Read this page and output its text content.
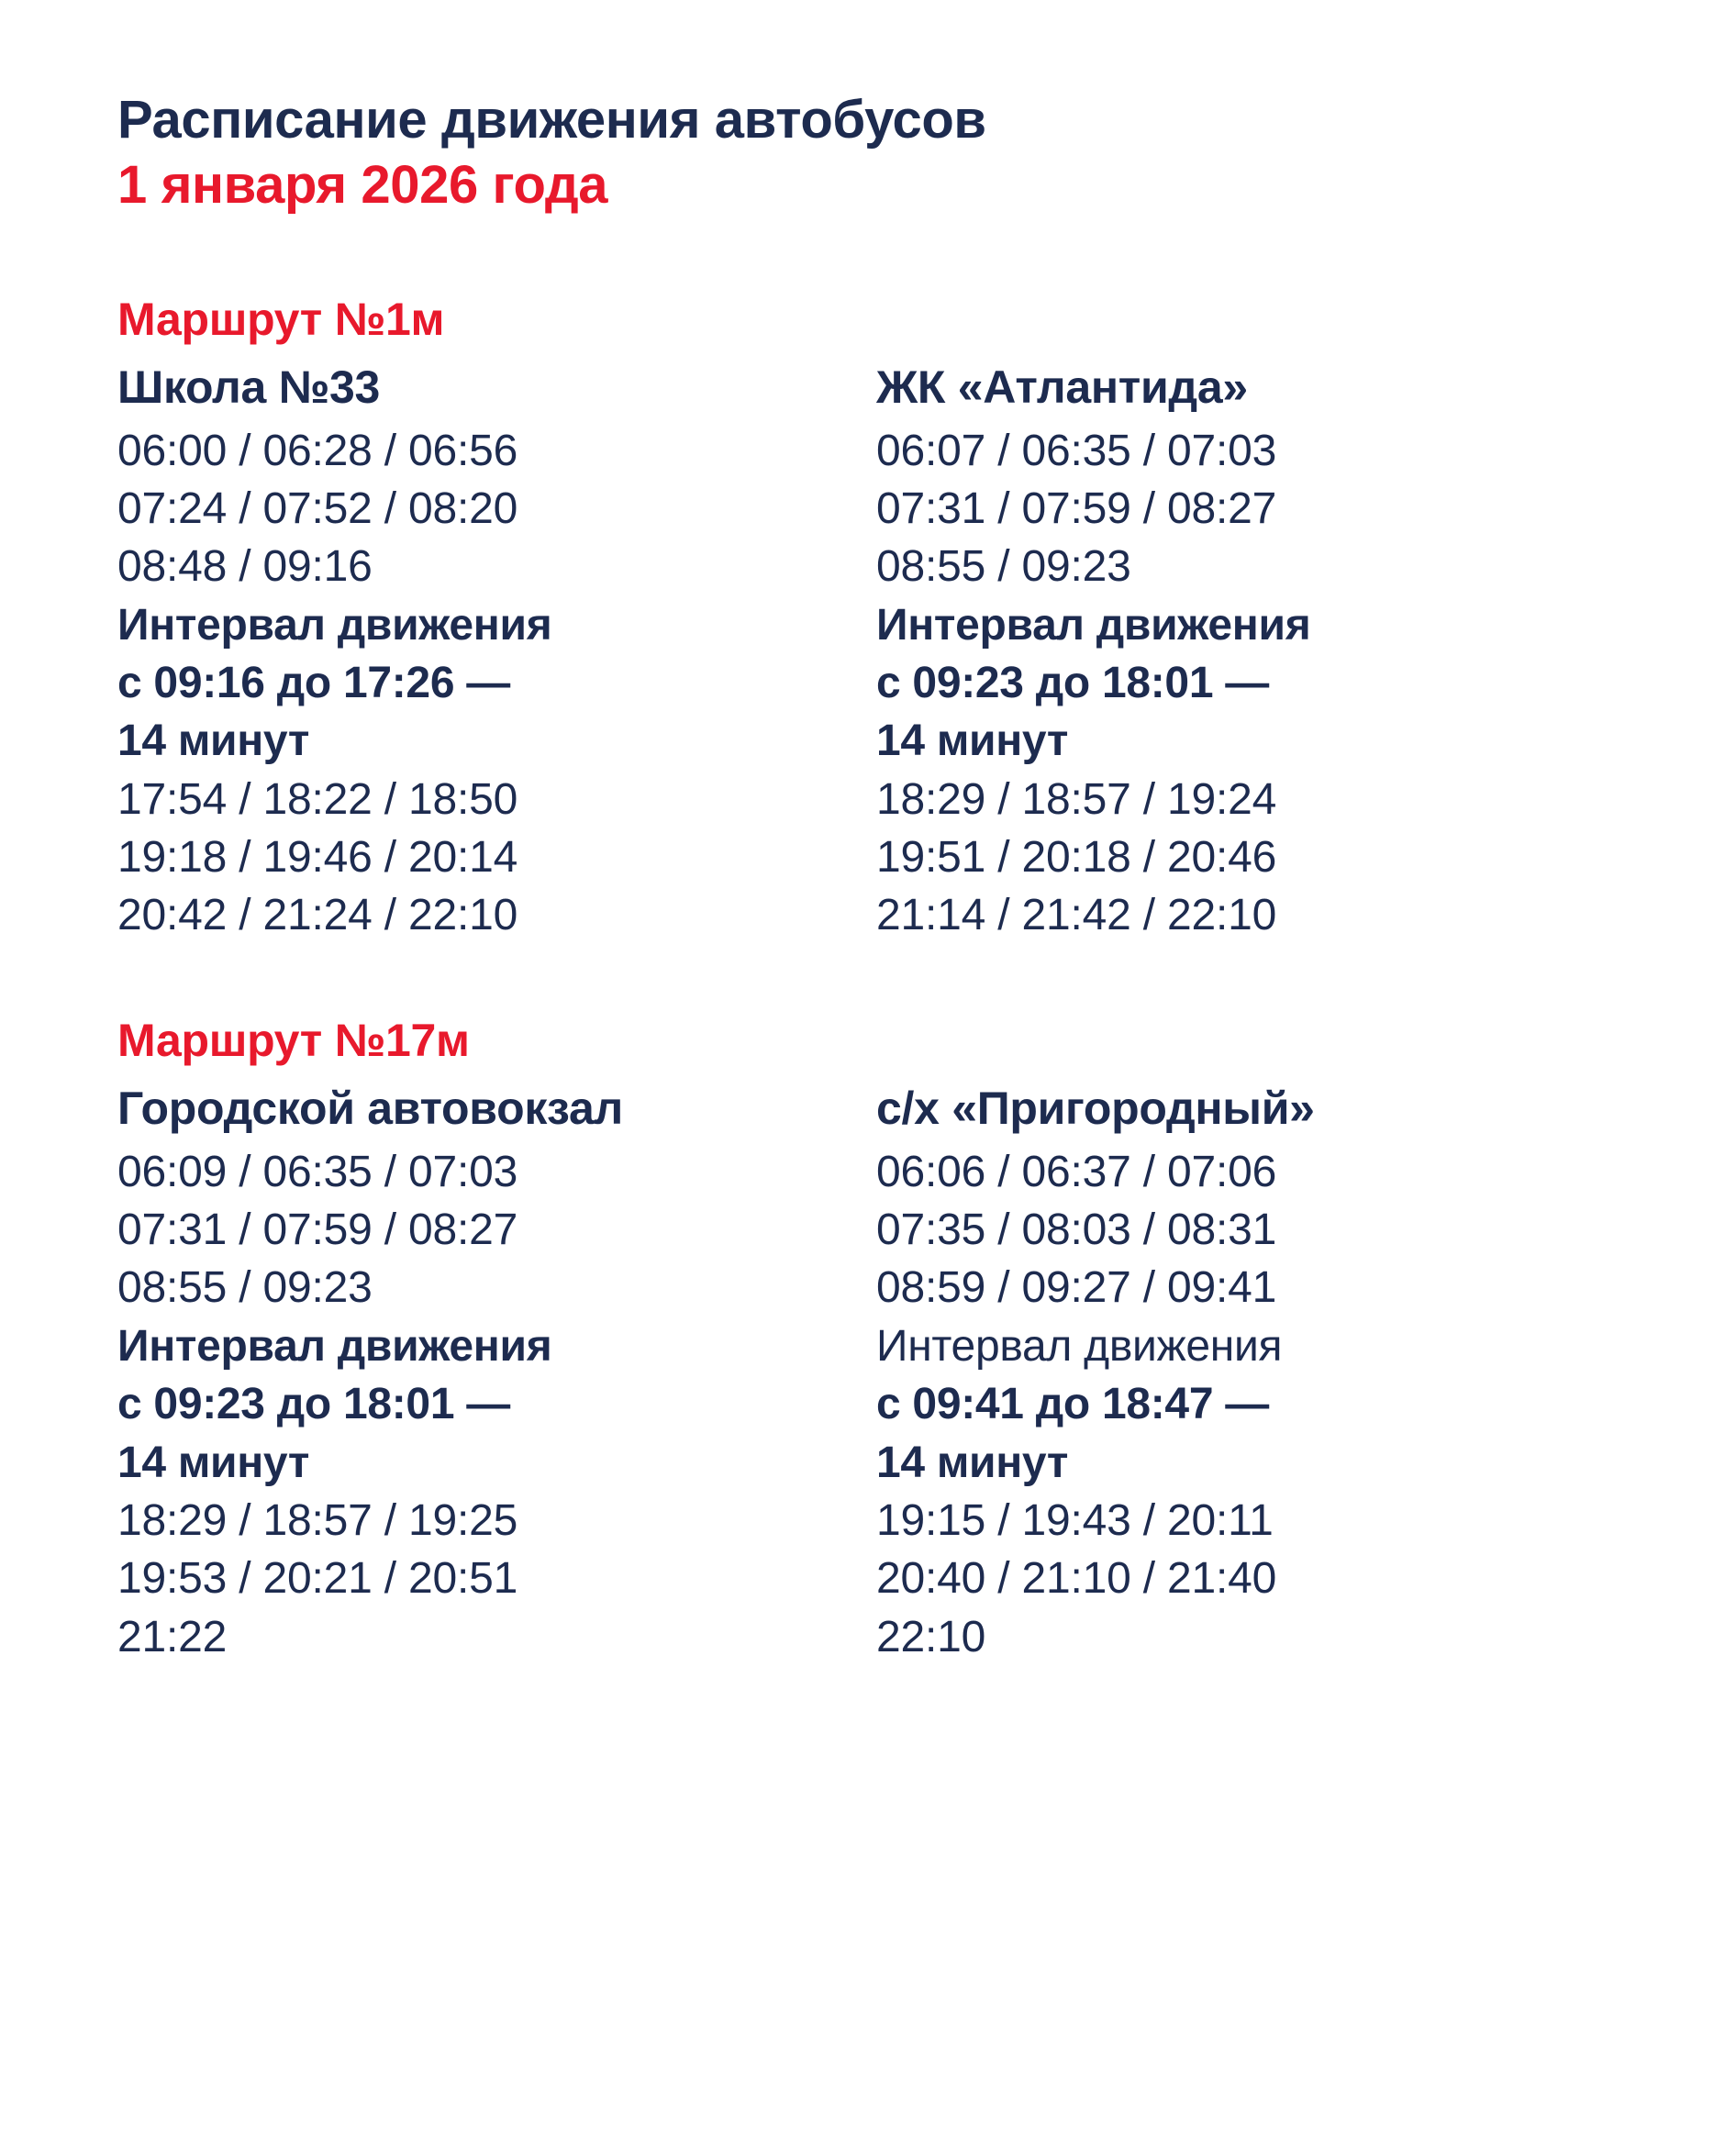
Расписание движения автобусов
1 января 2026 года
Маршрут №1м
Школа №33
06:00 / 06:28 / 06:56
07:24 / 07:52 / 08:20
08:48 / 09:16
Интервал движения
с 09:16 до 17:26 —
14 минут
17:54 / 18:22 / 18:50
19:18 / 19:46 / 20:14
20:42 / 21:24 / 22:10
ЖК «Атлантида»
06:07 / 06:35 / 07:03
07:31 / 07:59 / 08:27
08:55 / 09:23
Интервал движения
с 09:23 до 18:01 —
14 минут
18:29 / 18:57 / 19:24
19:51 / 20:18 / 20:46
21:14 / 21:42 / 22:10
Маршрут №17м
Городской автовокзал
06:09 / 06:35 / 07:03
07:31 / 07:59 / 08:27
08:55 / 09:23
Интервал движения
с 09:23 до 18:01 —
14 минут
18:29 / 18:57 / 19:25
19:53 / 20:21 / 20:51
21:22
с/х «Пригородный»
06:06 / 06:37 / 07:06
07:35 / 08:03 / 08:31
08:59 / 09:27 / 09:41
Интервал движения
с 09:41 до 18:47 —
14 минут
19:15 / 19:43 / 20:11
20:40 / 21:10 / 21:40
22:10
